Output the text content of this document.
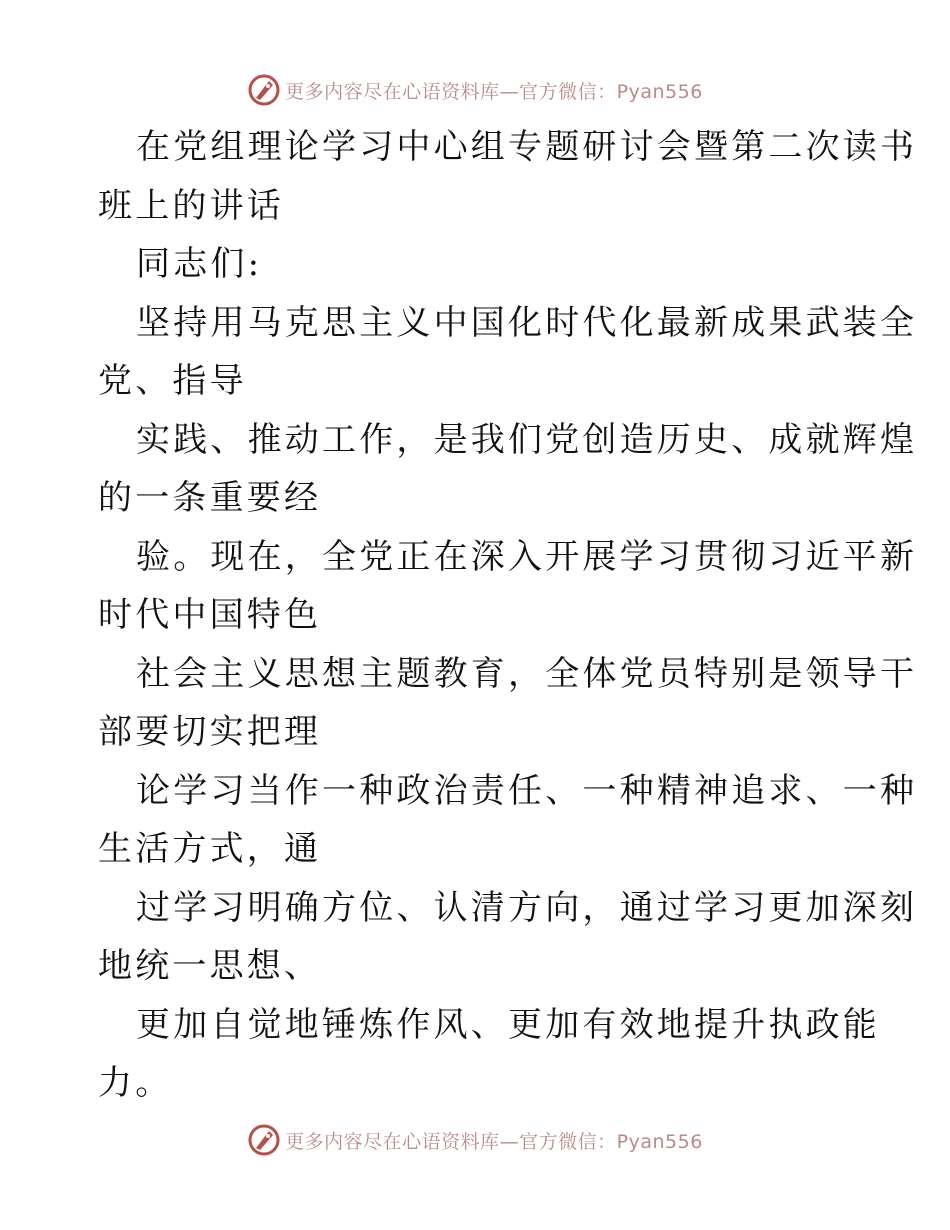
更多内容尽在心语资料库—官方微信：Pyan556
在党组理论学习中心组专题研讨会暨第二次读书
班上的讲话
同志们:
坚持用马克思主义中国化时代化最新成果武装全
党、指导
实践、推动工作，是我们党创造历史、成就辉煌
的一条重要经
验。现在，全党正在深入开展学习贯彻习近平新
时代中国特色
社会主义思想主题教育，全体党员特别是领导干
部要切实把理
论学习当作一种政治责任、一种精神追求、一种
生活方式，通
过学习明确方位、认清方向，通过学习更加深刻
地统一思想、
更加自觉地锤炼作风、更加有效地提升执政能
力。
更多内容尽在心语资料库—官方微信：Pyan556
